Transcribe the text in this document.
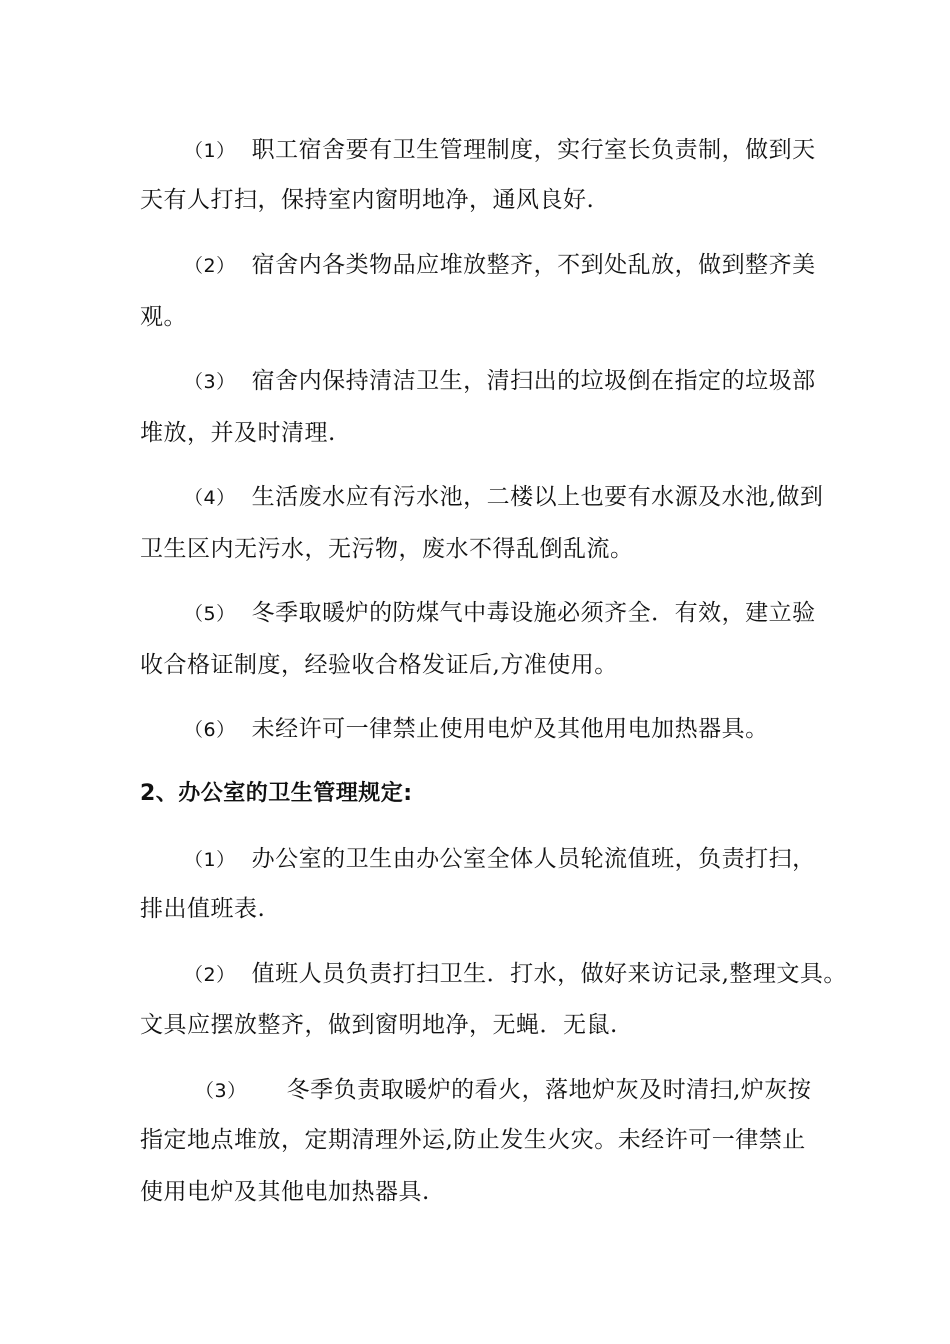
（1） 职工宿舍要有卫生管理制度，实行室长负责制，做到天
天有人打扫，保持室内窗明地净，通风良好.
（2） 宿舍内各类物品应堆放整齐，不到处乱放，做到整齐美
观。
（3） 宿舍内保持清洁卫生，清扫出的垃圾倒在指定的垃圾部
堆放，并及时清理.
（4） 生活废水应有污水池，二楼以上也要有水源及水池,做到
卫生区内无污水，无污物，废水不得乱倒乱流。
（5） 冬季取暖炉的防煤气中毒设施必须齐全．有效，建立验
收合格证制度，经验收合格发证后,方准使用。
（6） 未经许可一律禁止使用电炉及其他用电加热器具。
2、办公室的卫生管理规定:
（1） 办公室的卫生由办公室全体人员轮流值班，负责打扫，
排出值班表.
（2） 值班人员负责打扫卫生．打水，做好来访记录,整理文具。
文具应摆放整齐，做到窗明地净，无蝇．无鼠.
（3） 冬季负责取暖炉的看火，落地炉灰及时清扫,炉灰按
指定地点堆放，定期清理外运,防止发生火灾。未经许可一律禁止
使用电炉及其他电加热器具.
